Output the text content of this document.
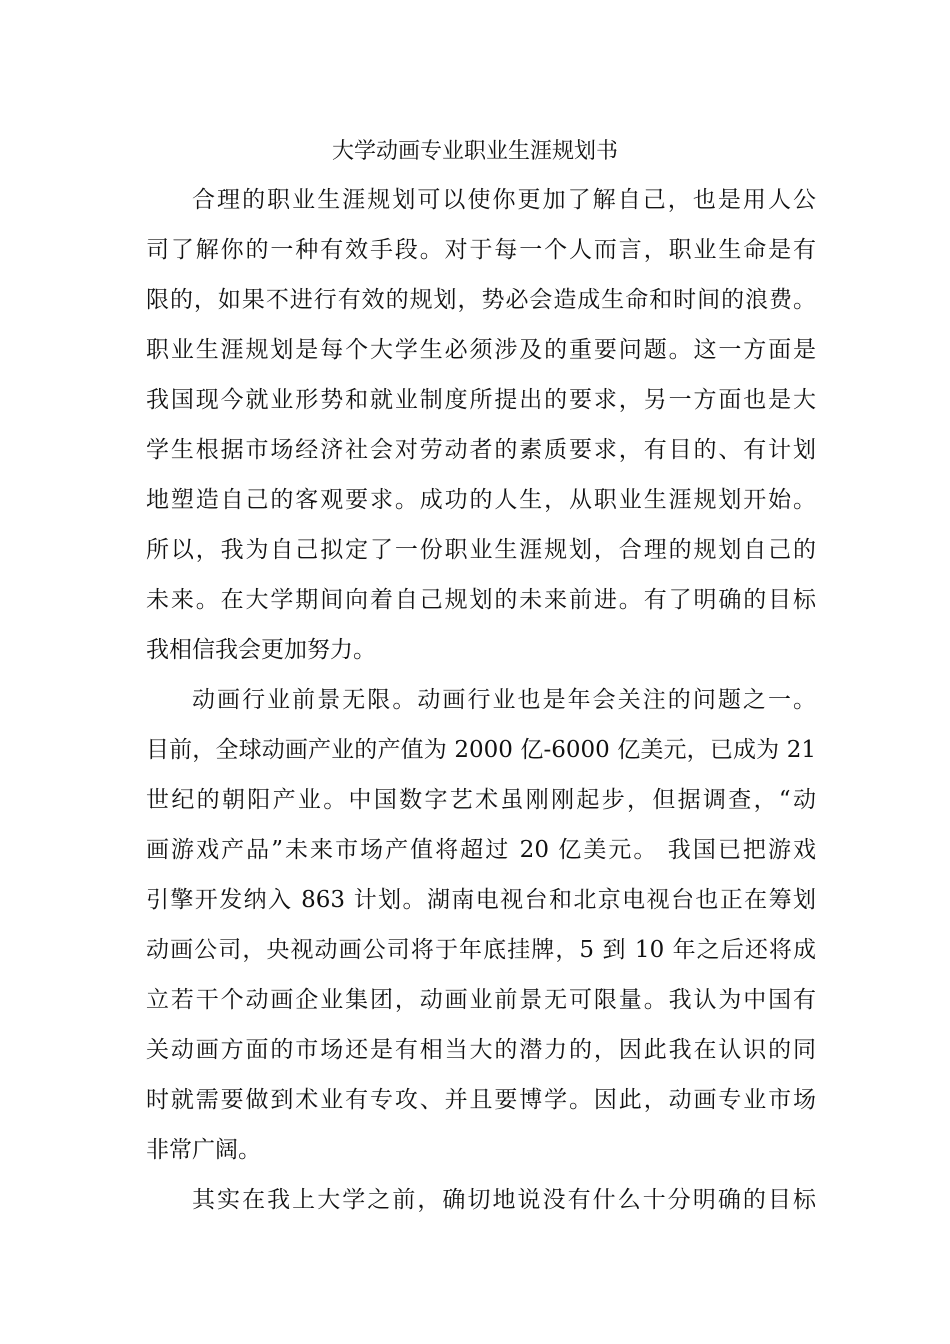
大学动画专业职业生涯规划书
合理的职业生涯规划可以使你更加了解自己，也是用人公
司了解你的一种有效手段。对于每一个人而言，职业生命是有
限的，如果不进行有效的规划，势必会造成生命和时间的浪费。
职业生涯规划是每个大学生必须涉及的重要问题。这一方面是
我国现今就业形势和就业制度所提出的要求，另一方面也是大
学生根据市场经济社会对劳动者的素质要求，有目的、有计划
地塑造自己的客观要求。成功的人生，从职业生涯规划开始。
所以，我为自己拟定了一份职业生涯规划，合理的规划自己的
未来。在大学期间向着自己规划的未来前进。有了明确的目标
我相信我会更加努力。
动画行业前景无限。动画行业也是年会关注的问题之一。
目前，全球动画产业的产值为 2000 亿-6000 亿美元，已成为 21
世纪的朝阳产业。中国数字艺术虽刚刚起步，但据调查，“动
画游戏产品”未来市场产值将超过 20 亿美元。 我国已把游戏
引擎开发纳入 863 计划。湖南电视台和北京电视台也正在筹划
动画公司，央视动画公司将于年底挂牌，5 到 10 年之后还将成
立若干个动画企业集团，动画业前景无可限量。我认为中国有
关动画方面的市场还是有相当大的潜力的，因此我在认识的同
时就需要做到术业有专攻、并且要博学。因此，动画专业市场
非常广阔。
其实在我上大学之前，确切地说没有什么十分明确的目标
